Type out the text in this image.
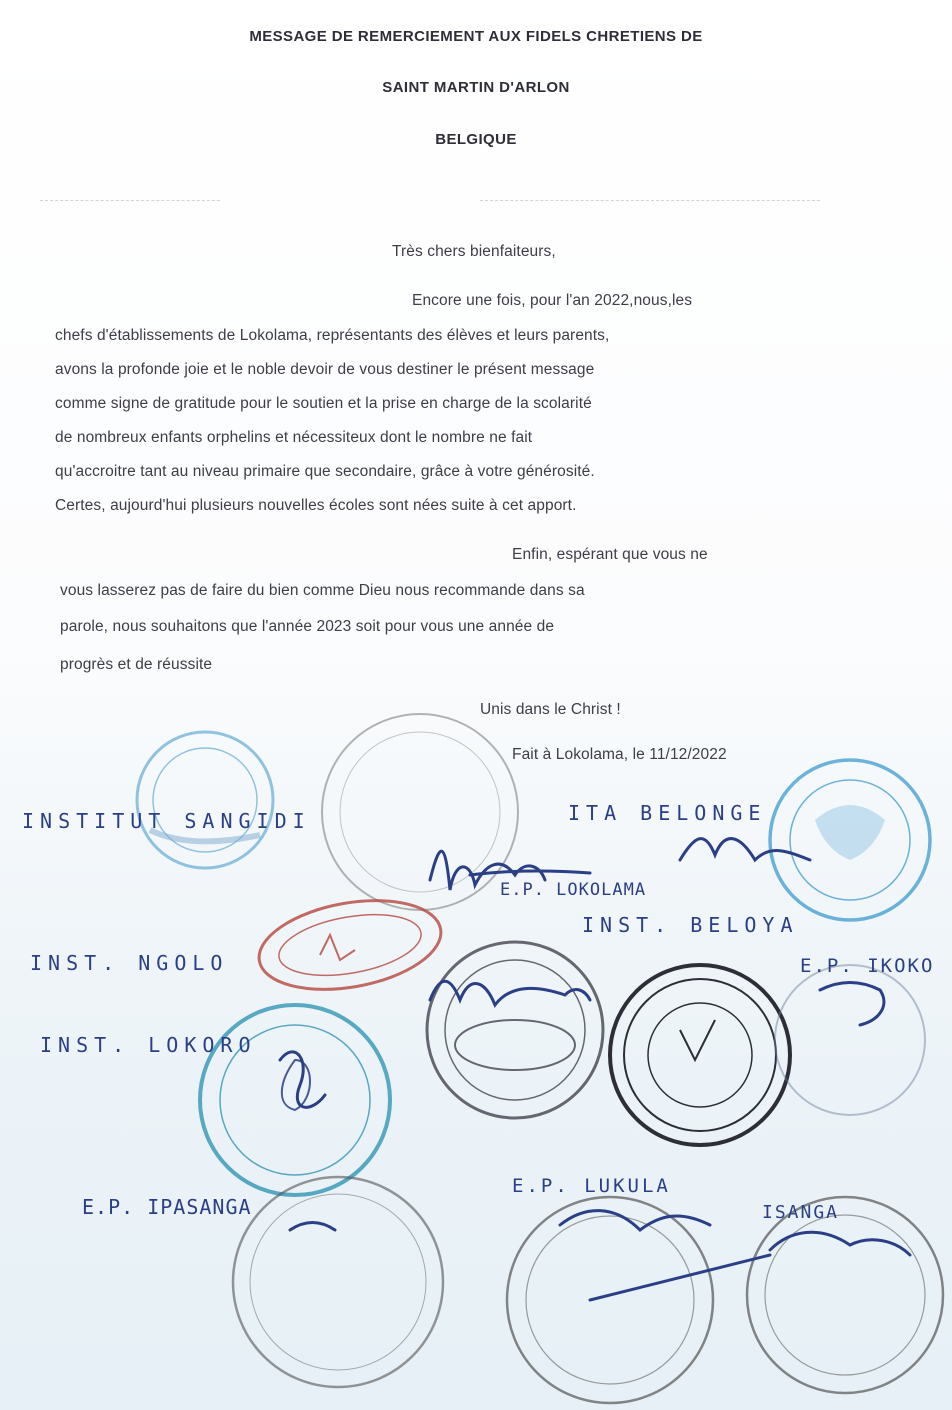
MESSAGE DE REMERCIEMENT AUX FIDELS CHRETIENS DE
SAINT MARTIN D'ARLON
BELGIQUE
Très chers bienfaiteurs,
Encore une fois, pour l'an 2022,nous,les
chefs d'établissements de Lokolama, représentants des élèves et leurs parents,
avons la profonde joie et le noble devoir de vous destiner le présent message
comme signe de gratitude pour le soutien et la prise en charge de la scolarité
de nombreux enfants orphelins et nécessiteux dont le nombre ne fait
qu'accroitre tant au niveau primaire que secondaire, grâce à votre générosité.
Certes, aujourd'hui plusieurs nouvelles écoles sont nées suite à cet apport.
Enfin, espérant que vous ne
vous lasserez pas de faire du bien comme Dieu nous recommande dans sa
parole, nous souhaitons que l'année 2023 soit pour vous une année de
progrès et de réussite
Unis dans le Christ !
Fait à Lokolama, le 11/12/2022
INSTITUT SANGIDI	ITA BELONGE
E.P. LOKOLAMA
INST. BELOYA
INST. NGOLO	E.P. IKOKO
INST. LOKORO
E.P. IPASANGA
E.P. LUKULA
ISANGA
